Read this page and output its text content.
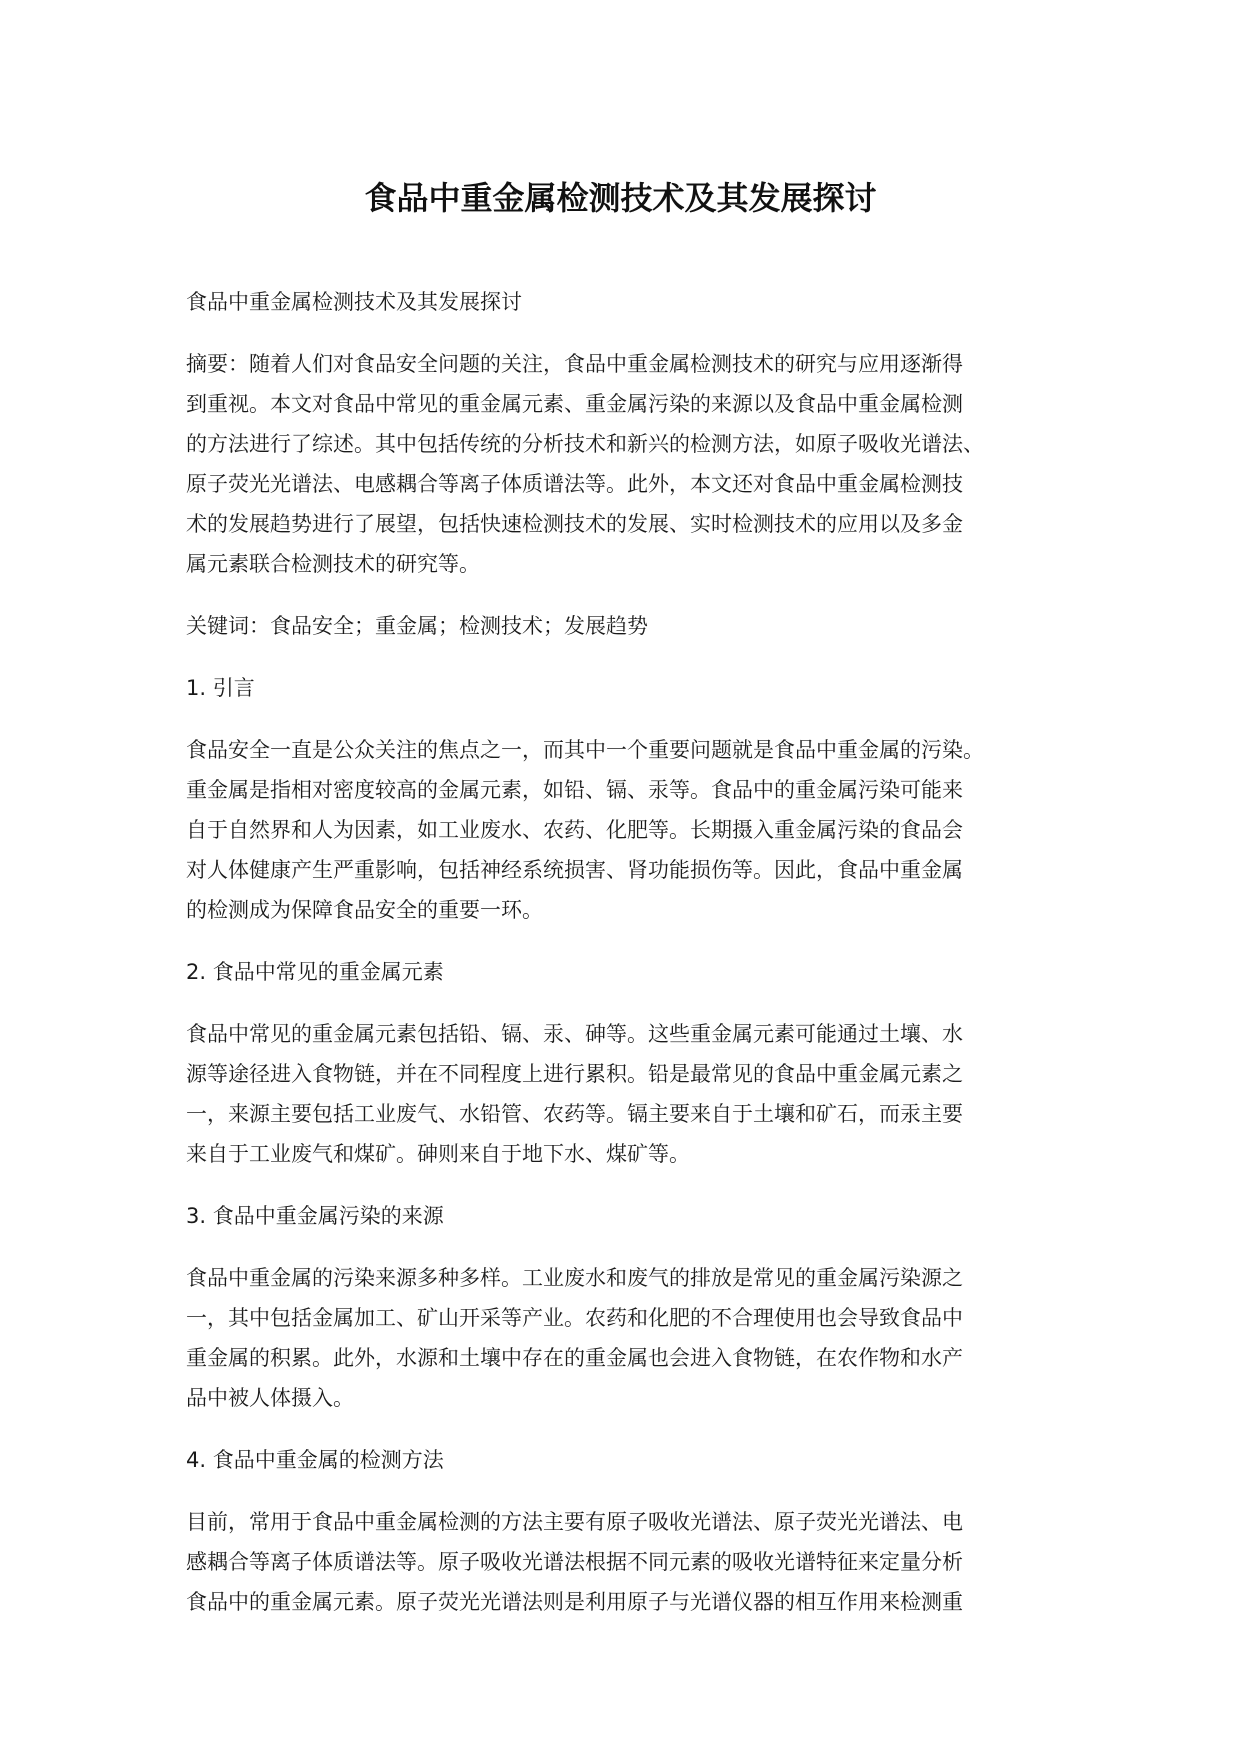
食品中重金属检测技术及其发展探讨

食品中重金属检测技术及其发展探讨

摘要：随着人们对食品安全问题的关注，食品中重金属检测技术的研究与应用逐渐得
到重视。本文对食品中常见的重金属元素、重金属污染的来源以及食品中重金属检测
的方法进行了综述。其中包括传统的分析技术和新兴的检测方法，如原子吸收光谱法、
原子荧光光谱法、电感耦合等离子体质谱法等。此外，本文还对食品中重金属检测技
术的发展趋势进行了展望，包括快速检测技术的发展、实时检测技术的应用以及多金
属元素联合检测技术的研究等。

关键词：食品安全；重金属；检测技术；发展趋势

1. 引言

食品安全一直是公众关注的焦点之一，而其中一个重要问题就是食品中重金属的污染。
重金属是指相对密度较高的金属元素，如铅、镉、汞等。食品中的重金属污染可能来
自于自然界和人为因素，如工业废水、农药、化肥等。长期摄入重金属污染的食品会
对人体健康产生严重影响，包括神经系统损害、肾功能损伤等。因此，食品中重金属
的检测成为保障食品安全的重要一环。

2. 食品中常见的重金属元素

食品中常见的重金属元素包括铅、镉、汞、砷等。这些重金属元素可能通过土壤、水
源等途径进入食物链，并在不同程度上进行累积。铅是最常见的食品中重金属元素之
一，来源主要包括工业废气、水铅管、农药等。镉主要来自于土壤和矿石，而汞主要
来自于工业废气和煤矿。砷则来自于地下水、煤矿等。

3. 食品中重金属污染的来源

食品中重金属的污染来源多种多样。工业废水和废气的排放是常见的重金属污染源之
一，其中包括金属加工、矿山开采等产业。农药和化肥的不合理使用也会导致食品中
重金属的积累。此外，水源和土壤中存在的重金属也会进入食物链，在农作物和水产
品中被人体摄入。

4. 食品中重金属的检测方法

目前，常用于食品中重金属检测的方法主要有原子吸收光谱法、原子荧光光谱法、电
感耦合等离子体质谱法等。原子吸收光谱法根据不同元素的吸收光谱特征来定量分析
食品中的重金属元素。原子荧光光谱法则是利用原子与光谱仪器的相互作用来检测重
